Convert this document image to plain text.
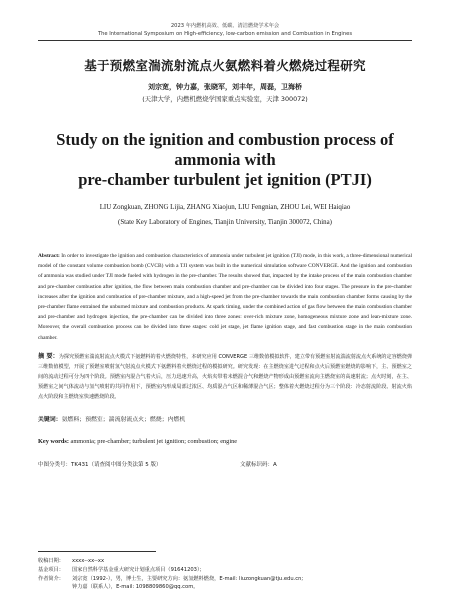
2023 年内燃机高效、低碳、清洁燃烧学术年会
The International Symposium on High-efficiency, low-carbon emission and Combustion in Engines
基于预燃室湍流射流点火氨燃料着火燃烧过程研究
刘宗宽，钟力嘉，张晓军，刘丰年，周磊，卫海桥
(天津大学，内燃机燃烧学国家重点实验室，天津 300072)
Study on the ignition and combustion process of ammonia with
pre-chamber turbulent jet ignition (PTJI)
LIU Zongkuan, ZHONG Lijia, ZHANG Xiaojun, LIU Fengnian, ZHOU Lei, WEI Haiqiao
(State Key Laboratory of Engines, Tianjin University, Tianjin 300072, China)
Abstract: In order to investigate the ignition and combustion characteristics of ammonia under turbulent jet ignition (TJI) mode, in this work, a three-dimensional numerical model of the constant volume combustion bomb (CVCB) with a TJI system was built in the numerical simulation software CONVERGE. And the ignition and combustion of ammonia was studied under TJI mode fueled with hydrogen in the pre-chamber. The results showed that, impacted by the intake process of the main combustion chamber and pre-chamber combustion after ignition, the flow between main combustion chamber and pre-chamber can be divided into four stages. The pressure in the pre-chamber increases after the ignition and combustion of pre-chamber mixture, and a high-speed jet from the pre-chamber towards the main combustion chamber forms causing by the pre-chamber flame entrained the unburned mixture and combustion products. At spark timing, under the combined action of gas flow between the main combustion chamber and pre-chamber and hydrogen injection, the pre-chamber can be divided into three zones: over-rich mixture zone, homogeneous mixture zone and lean-mixture zone. Moreover, the overall combustion process can be divided into three stages: cold jet stage, jet flame ignition stage, and fast combustion stage in the main combustion chamber.
摘 要：为探究预燃室湍流射流点火模式下氨燃料的着火燃烧特性，本研究应用 CONVERGE 三维数值模拟软件，建立带有预燃室射流湍流射流点火系统的定容燃烧弹三维数值模型，开展了预燃室喷射氢气射流点火模式下氨燃料着火燃烧过程的模拟研究。研究发现：在主燃烧室进气过程和点火后预燃室燃烧的影响下，主、预燃室之间的流动过程可分为四个阶段。预燃室内混合气着火后，压力迅速升高，火焰夹带着未燃混合气和燃烧产物形成由预燃室流向主燃烧室的高速射流；点火时刻，在主、预燃室之间气体流动与氢气喷射的共同作用下，预燃室内形成局部过浓区、均质混合气区和稀薄混合气区；整体着火燃烧过程分为三个阶段：冷态射流阶段、射流火焰点火阶段和主燃烧室快速燃烧阶段。
关键词：氨燃料；预燃室；湍流射流点火；燃烧；内燃机
Key words: ammonia; pre-chamber; turbulent jet ignition; combustion; engine
中图分类号：TK431（请查阅中图分类法第 5 版）	文献标识码：A
收稿日期：	xxxx--xx--xx
基金项目：	国家自然科学基金重大研究计划重点项目（91641203）；
作者简介：	刘宗宽（1992-），男，博士生，主要研究方向：氨氢燃料燃烧，E-mail: liuzongkuan@tju.edu.cn;
钟力嘉（联系人），E-mail: 1098809860@qq.com。
